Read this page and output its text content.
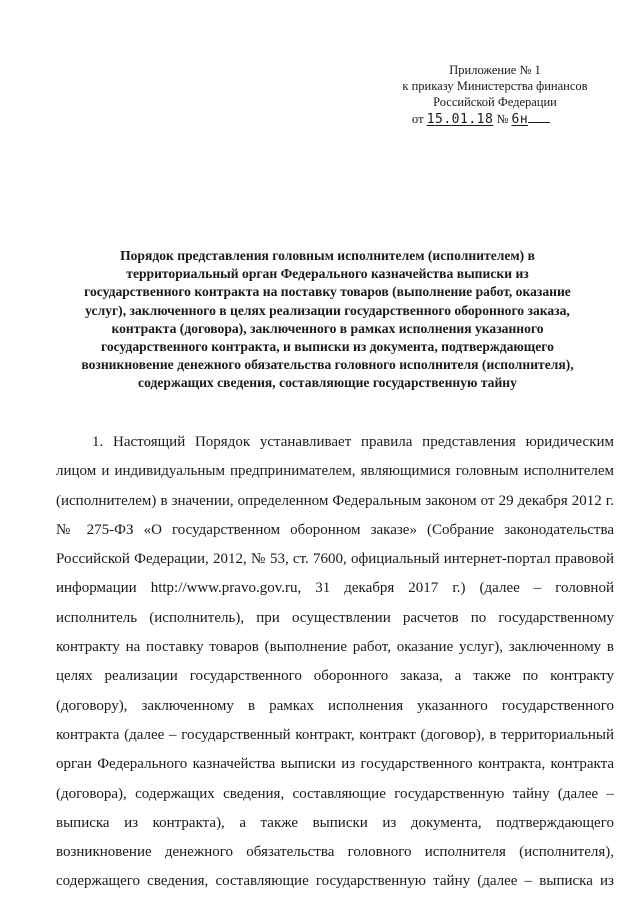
Приложение № 1
к приказу Министерства финансов
Российской Федерации
от 15.01.18 № 6н
Порядок представления головным исполнителем (исполнителем) в
территориальный орган Федерального казначейства выписки из
государственного контракта на поставку товаров (выполнение работ, оказание
услуг), заключенного в целях реализации государственного оборонного заказа,
контракта (договора), заключенного в рамках исполнения указанного
государственного контракта, и выписки из документа, подтверждающего
возникновение денежного обязательства головного исполнителя (исполнителя),
содержащих сведения, составляющие государственную тайну
1. Настоящий Порядок устанавливает правила представления юридическим
лицом и индивидуальным предпринимателем, являющимися головным исполнителем
(исполнителем) в значении, определенном Федеральным законом от 29 декабря 2012 г.
№ 275-ФЗ «О государственном оборонном заказе» (Собрание законодательства
Российской Федерации, 2012, № 53, ст. 7600, официальный интернет-портал правовой
информации http://www.pravo.gov.ru, 31 декабря 2017 г.) (далее – головной
исполнитель (исполнитель), при осуществлении расчетов по государственному
контракту на поставку товаров (выполнение работ, оказание услуг), заключенному в
целях реализации государственного оборонного заказа, а также по контракту
(договору), заключенному в рамках исполнения указанного государственного
контракта (далее – государственный контракт, контракт (договор), в территориальный
орган Федерального казначейства выписки из государственного контракта, контракта
(договора), содержащих сведения, составляющие государственную тайну (далее –
выписка из контракта), а также выписки из документа, подтверждающего
возникновение денежного обязательства головного исполнителя (исполнителя),
содержащего сведения, составляющие государственную тайну (далее – выписка из
